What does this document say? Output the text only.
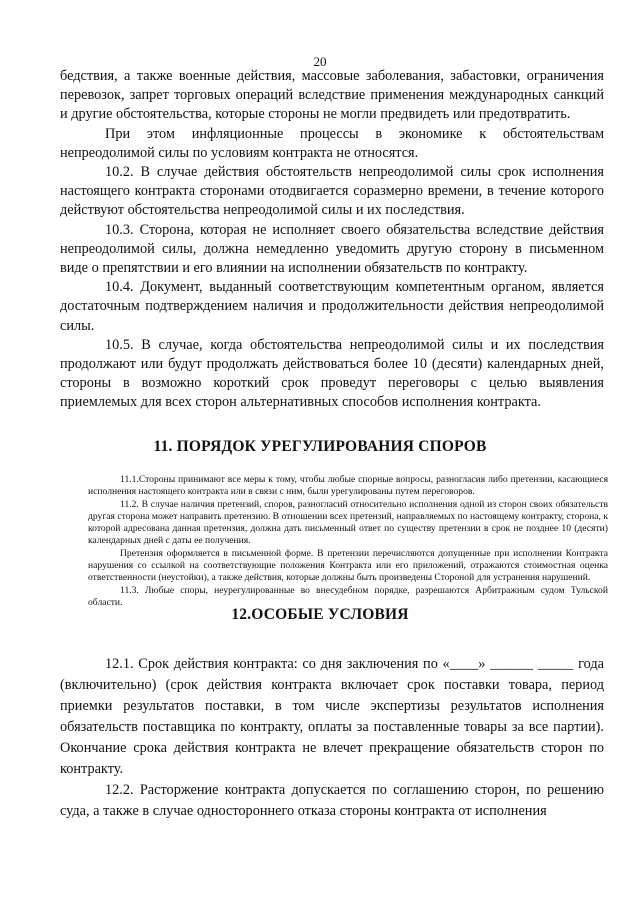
20

бедствия, а также военные действия, массовые заболевания, забастовки, ограничения перевозок, запрет торговых операций вследствие применения международных санкций и другие обстоятельства, которые стороны не могли предвидеть или предотвратить.

При этом инфляционные процессы в экономике к обстоятельствам непреодолимой силы по условиям контракта не относятся.

10.2. В случае действия обстоятельств непреодолимой силы срок исполнения настоящего контракта сторонами отодвигается соразмерно времени, в течение которого действуют обстоятельства непреодолимой силы и их последствия.

10.3. Сторона, которая не исполняет своего обязательства вследствие действия непреодолимой силы, должна немедленно уведомить другую сторону в письменном виде о препятствии и его влиянии на исполнении обязательств по контракту.

10.4. Документ, выданный соответствующим компетентным органом, является достаточным подтверждением наличия и продолжительности действия непреодолимой силы.

10.5. В случае, когда обстоятельства непреодолимой силы и их последствия продолжают или будут продолжать действоваться более 10 (десяти) календарных дней, стороны в возможно короткий срок проведут переговоры с целью выявления приемлемых для всех сторон альтернативных способов исполнения контракта.

11. ПОРЯДОК УРЕГУЛИРОВАНИЯ СПОРОВ

11.1.Стороны принимают все меры к тому, чтобы любые спорные вопросы, разногласия либо претензии, касающиеся исполнения настоящего контракта или в связи с ним, были урегулированы путем переговоров.

11.2. В случае наличия претензий, споров, разногласий относительно исполнения одной из сторон своих обязательств другая сторона может направить претензию. В отношении всех претензий, направляемых по настоящему контракту, сторона, к которой адресована данная претензия, должна дать письменный ответ по существу претензии в срок не позднее 10 (десяти) календарных дней с даты ее получения.

Претензия оформляется в письменной форме. В претензии перечисляются допущенные при исполнении Контракта нарушения со ссылкой на соответствующие положения Контракта или его приложений, отражаются стоимостная оценка ответственности (неустойки), а также действия, которые должны быть произведены Стороной для устранения нарушений.

11.3. Любые споры, неурегулированные во внесудебном порядке, разрешаются Арбитражным судом Тульской области.

12.ОСОБЫЕ УСЛОВИЯ

12.1. Срок действия контракта: со дня заключения по «____» ______ _____ года (включительно) (срок действия контракта включает срок поставки товара, период приемки результатов поставки, в том числе экспертизы результатов исполнения обязательств поставщика по контракту, оплаты за поставленные товары за все партии). Окончание срока действия контракта не влечет прекращение обязательств сторон по контракту.

12.2. Расторжение контракта допускается по соглашению сторон, по решению суда, а также в случае одностороннего отказа стороны контракта от исполнения
